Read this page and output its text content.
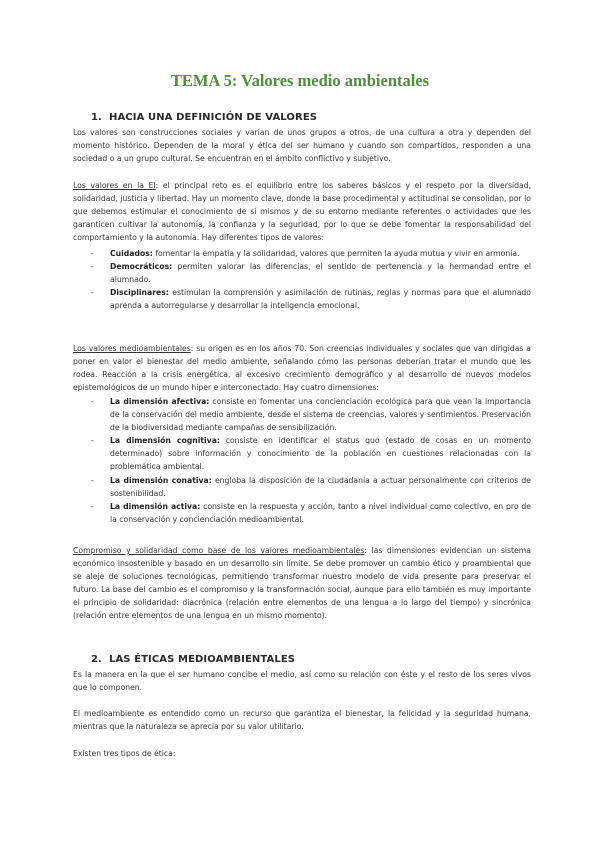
TEMA 5: Valores medio ambientales
1. HACIA UNA DEFINICIÓN DE VALORES

Los valores son construcciones sociales y varían de unos grupos a otros, de una cultura a otra y dependen del momento histórico. Dependen de la moral y ética del ser humano y cuando son compartidos, responden a una sociedad o a un grupo cultural. Se encuentran en el ámbito conflictivo y subjetivo.

Los valores en la EI: el principal reto es el equilibrio entre los saberes básicos y el respeto por la diversidad, solidaridad, justicia y libertad. Hay un momento clave, donde la base procedimental y actitudinal se consolidan, por lo que debemos estimular el conocimiento de sí mismos y de su entorno mediante referentes o actividades que les garanticen cultivar la autonomía, la confianza y la seguridad, por lo que se debe fomentar la responsabilidad del comportamiento y la autonomía. Hay diferentes tipos de valores:

- Cuidados: fomentar la empatía y la solidaridad, valores que permiten la ayuda mutua y vivir en armonía.
- Democráticos: permiten valorar las diferencias, el sentido de pertenencia y la hermandad entre el alumnado.
- Disciplinares: estimulan la comprensión y asimilación de rutinas, reglas y normas para que el alumnado aprenda a autorregularse y desarrollar la inteligencia emocional.

Los valores medioambientales: su origen es en los años 70. Son creencias individuales y sociales que van dirigidas a poner en valor el bienestar del medio ambiente, señalando cómo las personas deberían tratar el mundo que les rodea. Reacción a la crisis energética, al excesivo crecimiento demográfico y al desarrollo de nuevos modelos epistemológicos de un mundo hiper e interconectado. Hay cuatro dimensiones:

- La dimensión afectiva: consiste en fomentar una concienciación ecológica para que vean la importancia de la conservación del medio ambiente, desde el sistema de creencias, valores y sentimientos. Preservación de la biodiversidad mediante campañas de sensibilización.
- La dimensión cognitiva: consiste en identificar el status quo (estado de cosas en un momento determinado) sobre información y conocimiento de la población en cuestiones relacionadas con la problemática ambiental.
- La dimensión conativa: engloba la disposición de la ciudadanía a actuar personalmente con criterios de sostenibilidad.
- La dimensión activa: consiste en la respuesta y acción, tanto a nivel individual como colectivo, en pro de la conservación y concienciación medioambiental.

Compromiso y solidaridad como base de los valores medioambientales: las dimensiones evidencian un sistema económico insostenible y basado en un desarrollo sin límite. Se debe promover un cambio ético y proambiental que se aleje de soluciones tecnológicas, permitiendo transformar nuestro modelo de vida presente para preservar el futuro. La base del cambio es el compromiso y la transformación social, aunque para ello también es muy importante el principio de solidaridad: diacrónica (relación entre elementos de una lengua a lo largo del tiempo) y sincrónica (relación entre elementos de una lengua en un mismo momento).

2. LAS ÉTICAS MEDIOAMBIENTALES

Es la manera en la que el ser humano concibe el medio, así como su relación con éste y el resto de los seres vivos que lo componen.

El medioambiente es entendido como un recurso que garantiza el bienestar, la felicidad y la seguridad humana, mientras que la naturaleza se aprecia por su valor utilitario.

Existen tres tipos de ética:
